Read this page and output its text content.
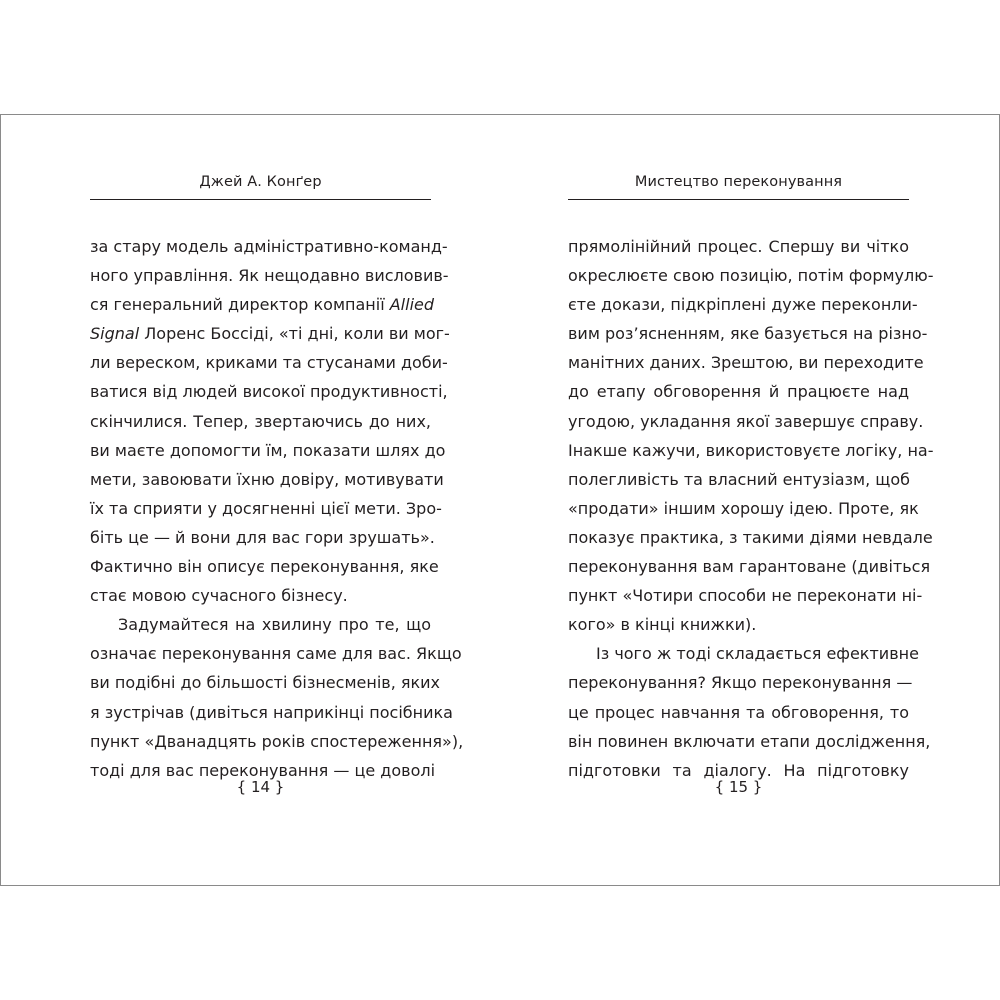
Джей А. Конґер
за стару модель адміністративно-команд-
ного управління. Як нещодавно висловив-
ся генеральний директор компанії Allied
Signal Лоренс Боссіді, «ті дні, коли ви мог-
ли вереском, криками та стусанами доби-
ватися від людей високої продуктивності,
скінчилися. Тепер, звертаючись до них,
ви маєте допомогти їм, показати шлях до
мети, завоювати їхню довіру, мотивувати
їх та сприяти у досягненні цієї мети. Зро-
біть це — й вони для вас гори зрушать».
Фактично він описує переконування, яке
стає мовою сучасного бізнесу.
Задумайтеся на хвилину про те, що
означає переконування саме для вас. Якщо
ви подібні до більшості бізнесменів, яких
я зустрічав (дивіться наприкінці посібника
пункт «Дванадцять років спостереження»),
тоді для вас переконування — це доволі
{ 14 }
Мистецтво переконування
прямолінійний процес. Спершу ви чітко
окреслюєте свою позицію, потім формулю-
єте докази, підкріплені дуже переконли-
вим роз’ясненням, яке базується на різно-
манітних даних. Зрештою, ви переходите
до етапу обговорення й працюєте над
угодою, укладання якої завершує справу.
Інакше кажучи, використовуєте логіку, на-
полегливість та власний ентузіазм, щоб
«продати» іншим хорошу ідею. Проте, як
показує практика, з такими діями невдале
переконування вам гарантоване (дивіться
пункт «Чотири способи не переконати ні-
кого» в кінці книжки).
Із чого ж тоді складається ефективне
переконування? Якщо переконування —
це процес навчання та обговорення, то
він повинен включати етапи дослідження,
підготовки та діалогу. На підготовку
{ 15 }
